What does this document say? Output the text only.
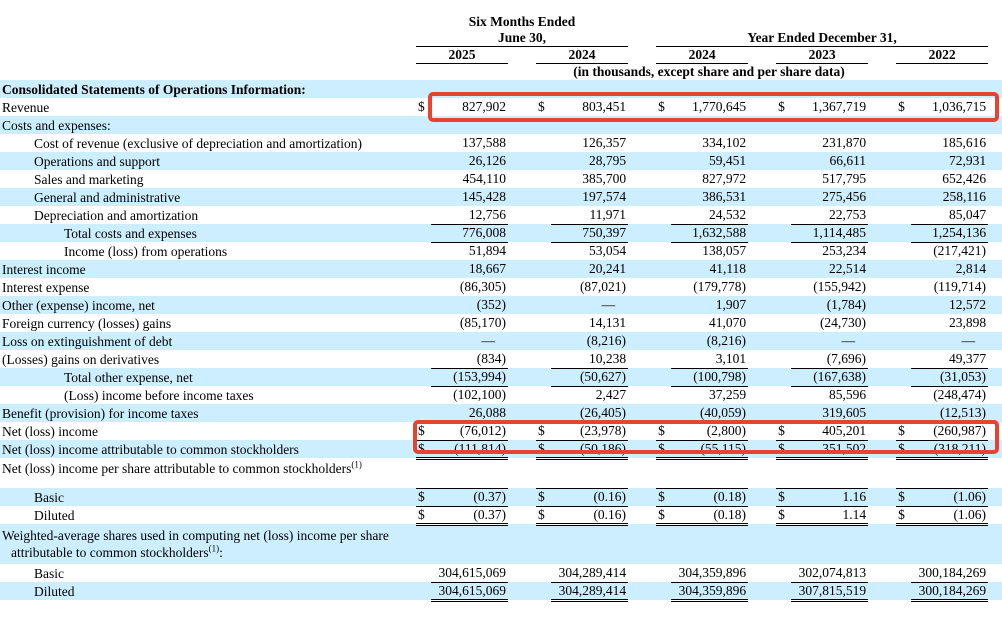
	Six Months Ended														
	June 30,						Year Ended December 31,								
	2025			2024			2024			2023			2022		
	(in thousands, except share and per share data)														
Consolidated Statements of Operations Information:															
Revenue	$	827,902		$	803,451		$	1,770,645		$	1,367,719		$	1,036,715	
Costs and expenses:															
Cost of revenue (exclusive of depreciation and amortization)		137,588			126,357			334,102			231,870			185,616	
Operations and support		26,126			28,795			59,451			66,611			72,931	
Sales and marketing		454,110			385,700			827,972			517,795			652,426	
General and administrative		145,428			197,574			386,531			275,456			258,116	
Depreciation and amortization		12,756			11,971			24,532			22,753			85,047	
Total costs and expenses		776,008			750,397			1,632,588			1,114,485			1,254,136	
Income (loss) from operations		51,894			53,054			138,057			253,234			(217,421)	
Interest income		18,667			20,241			41,118			22,514			2,814	
Interest expense		(86,305)			(87,021)			(179,778)			(155,942)			(119,714)	
Other (expense) income, net		(352)			—			1,907			(1,784)			12,572	
Foreign currency (losses) gains		(85,170)			14,131			41,070			(24,730)			23,898	
Loss on extinguishment of debt		—			(8,216)			(8,216)			—			—	
(Losses) gains on derivatives		(834)			10,238			3,101			(7,696)			49,377	
Total other expense, net		(153,994)			(50,627)			(100,798)			(167,638)			(31,053)	
(Loss) income before income taxes		(102,100)			2,427			37,259			85,596			(248,474)	
Benefit (provision) for income taxes		26,088			(26,405)			(40,059)			319,605			(12,513)	
Net (loss) income	$	(76,012)		$	(23,978)		$	(2,800)		$	405,201		$	(260,987)	
Net (loss) income attributable to common stockholders	$	(111,814)		$	(50,186)		$	(55,115)		$	351,502		$	(318,211)	
Net (loss) income per share attributable to common stockholders$^{(1)}$															
Basic	$	(0.37)		$	(0.16)		$	(0.18)		$	1.16		$	(1.06)	
Diluted	$	(0.37)		$	(0.16)		$	(0.18)		$	1.14		$	(1.06)	
Weighted-average shares used in computing net (loss) income per share attributable to common stockholders$^{(1)}$:															
Basic		304,615,069			304,289,414			304,359,896			302,074,813			300,184,269	
Diluted		304,615,069			304,289,414			304,359,896			307,815,519			300,184,269	
